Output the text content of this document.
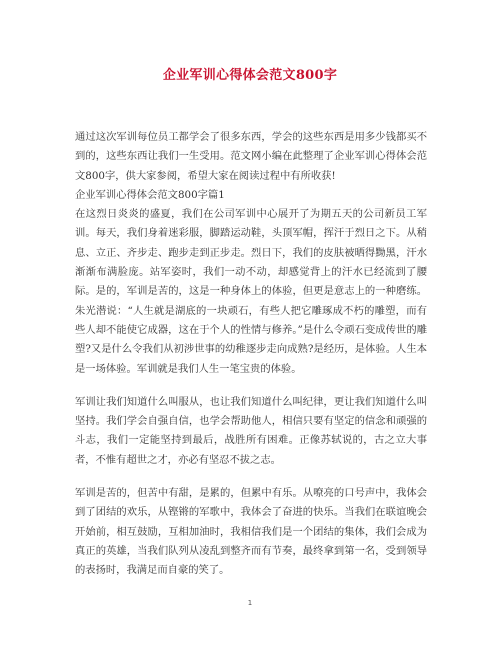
企业军训心得体会范文800字

通过这次军训每位员工都学会了很多东西，学会的这些东西是用多少钱都买不到的，这些东西让我们一生受用。范文网小编在此整理了企业军训心得体会范文800字，供大家参阅，希望大家在阅读过程中有所收获!

企业军训心得体会范文800字篇1

在这烈日炎炎的盛夏，我们在公司军训中心展开了为期五天的公司新员工军训。每天，我们身着迷彩服，脚踏运动鞋，头顶军帽，挥汗于烈日之下。从稍息、立正、齐步走、跑步走到正步走。烈日下，我们的皮肤被晒得黝黑，汗水渐渐布满脸庞。站军姿时，我们一动不动，却感觉背上的汗水已经流到了腰际。是的，军训是苦的，这是一种身体上的体验，但更是意志上的一种磨练。朱光潜说：“人生就是湖底的一块顽石，有些人把它雕琢成不朽的雕塑，而有些人却不能使它成器，这在于个人的性情与修养。”是什么令顽石变成传世的雕塑?又是什么令我们从初涉世事的幼稚逐步走向成熟?是经历，是体验。人生本是一场体验。军训就是我们人生一笔宝贵的体验。

军训让我们知道什么叫服从，也让我们知道什么叫纪律，更让我们知道什么叫坚持。我们学会自强自信，也学会帮助他人，相信只要有坚定的信念和顽强的斗志，我们一定能坚持到最后，战胜所有困难。正像苏轼说的，古之立大事者，不惟有超世之才，亦必有坚忍不拔之志。

军训是苦的，但苦中有甜，是累的，但累中有乐。从嘹亮的口号声中，我体会到了团结的欢乐，从铿锵的军歌中，我体会了奋进的快乐。当我们在联谊晚会开始前，相互鼓励，互相加油时，我相信我们是一个团结的集体，我们会成为真正的英雄，当我们队列从凌乱到整齐而有节奏，最终拿到第一名，受到领导的表扬时，我满足而自豪的笑了。

1
